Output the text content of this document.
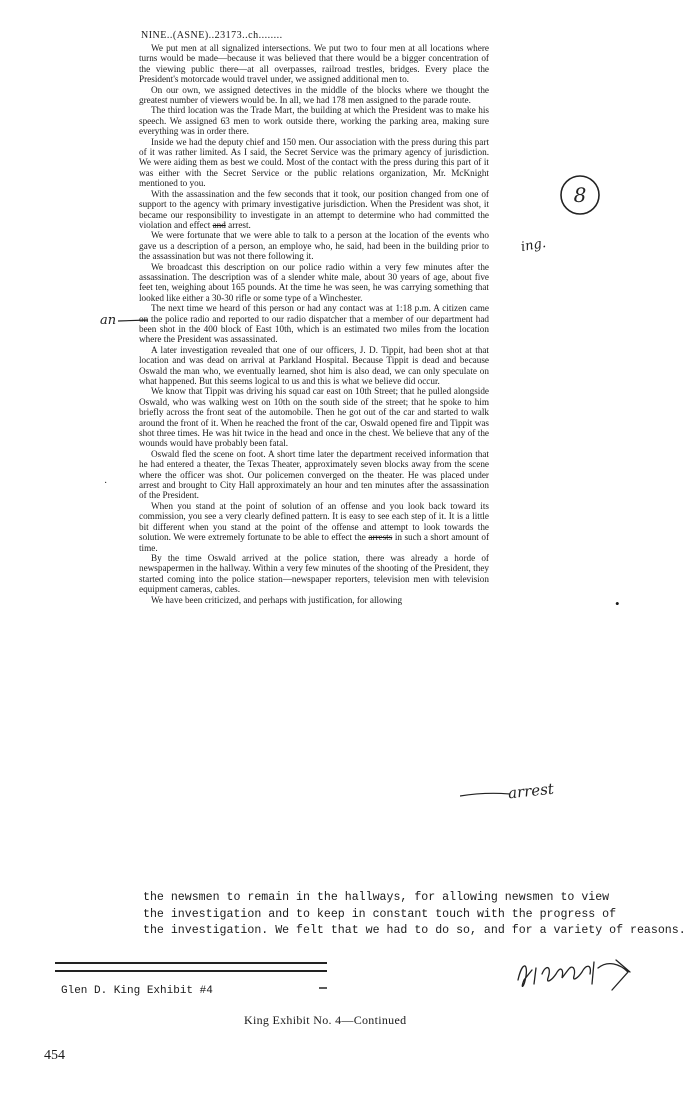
NINE..(ASNE)..23173..ch........

We put men at all signalized intersections. We put two to four men at all locations where turns would be made—because it was believed that there would be a bigger concentration of the viewing public there—at all overpasses, railroad trestles, bridges. Every place the President's motorcade would travel under, we assigned additional men to.

On our own, we assigned detectives in the middle of the blocks where we thought the greatest number of viewers would be. In all, we had 178 men assigned to the parade route.

The third location was the Trade Mart, the building at which the President was to make his speech. We assigned 63 men to work outside there, working the parking area, making sure everything was in order there.

Inside we had the deputy chief and 150 men. Our association with the press during this part of it was rather limited. As I said, the Secret Service was the primary agency of jurisdiction. We were aiding them as best we could. Most of the contact with the press during this part of it was either with the Secret Service or the public relations organization, Mr. McKnight mentioned to you.

With the assassination and the few seconds that it took, our position changed from one of support to the agency with primary investigative jurisdiction. When the President was shot, it became our responsibility to investigate in an attempt to determine who had committed the violation and effect and arrest.

We were fortunate that we were able to talk to a person at the location of the events who gave us a description of a person, an employe who, he said, had been in the building prior to the assassination but was not there following it.

We broadcast this description on our police radio within a very few minutes after the assassination. The description was of a slender white male, about 30 years of age, about five feet ten, weighing about 165 pounds. At the time he was seen, he was carrying something that looked like either a 30-30 rifle or some type of a Winchester.

The next time we heard of this person or had any contact was at 1:18 p.m. A citizen came on the police radio and reported to our radio dispatcher that a member of our department had been shot in the 400 block of East 10th, which is an estimated two miles from the location where the President was assassinated.

A later investigation revealed that one of our officers, J. D. Tippit, had been shot at that location and was dead on arrival at Parkland Hospital. Because Tippit is dead and because Oswald the man who, we eventually learned, shot him is also dead, we can only speculate on what happened. But this seems logical to us and this is what we believe did occur.

We know that Tippit was driving his squad car east on 10th Street; that he pulled alongside Oswald, who was walking west on 10th on the south side of the street; that he spoke to him briefly across the front seat of the automobile. Then he got out of the car and started to walk around the front of it. When he reached the front of the car, Oswald opened fire and Tippit was shot three times. He was hit twice in the head and once in the chest. We believe that any of the wounds would have probably been fatal.

Oswald fled the scene on foot. A short time later the department received information that he had entered a theater, the Texas Theater, approximately seven blocks away from the scene where the officer was shot. Our policemen converged on the theater. He was placed under arrest and brought to City Hall approximately an hour and ten minutes after the assassination of the President.

When you stand at the point of solution of an offense and you look back toward its commission, you see a very clearly defined pattern. It is easy to see each step of it. It is a little bit different when you stand at the point of the offense and attempt to look towards the solution. We were extremely fortunate to be able to effect the arrests in such a short amount of time.

By the time Oswald arrived at the police station, there was already a horde of newspapermen in the hallway. Within a very few minutes of the shooting of the President, they started coming into the police station—newspaper reporters, television men with television equipment cameras, cables.

We have been criticized, and perhaps with justification, for allowing

the newsmen to remain in the hallways, for allowing newsmen to view
the investigation and to keep in constant touch with the progress of
the investigation. We felt that we had to do so, and for a variety of reasons.
8
ing.
an
arrest
·
•
Glen D. King Exhibit #4
King Exhibit No. 4—Continued
454
